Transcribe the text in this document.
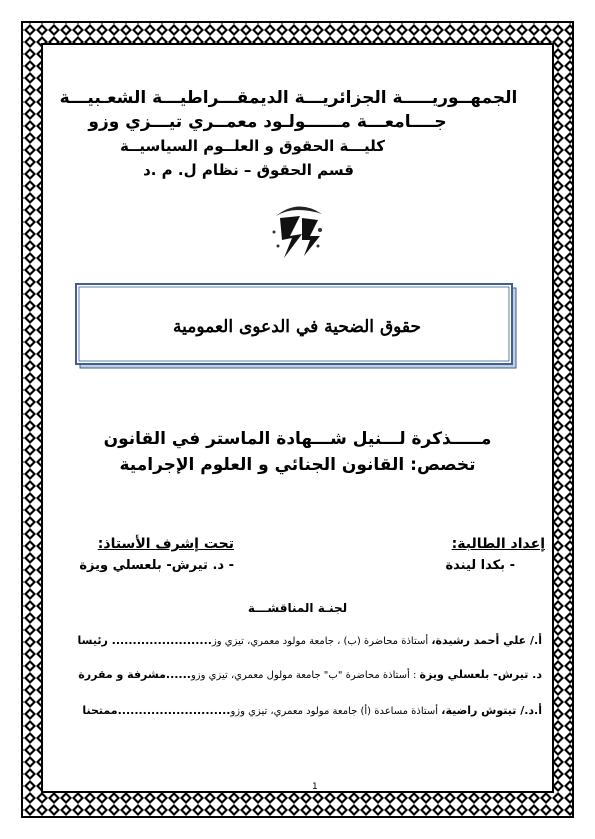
الجمهــوريـــــة الجزائريـــة الديمقـــراطيـــة الشعـبيـــة
جــــامعـــة مــــــولـود معمــري تيـــزي وزو
كليـــة الحقوق و العلــوم السياسيــة
قسم الحقوق – نظام ل. م .د
حقوق الضحية في الدعوى العمومية
مـــــذكرة لـــنيل شـــهادة الماستر في القانون
تخصص: القانون الجنائي و العلوم الإجرامية
إعداد الطالبة:
- بكدا ليندة
تحت إشرف الأستاذ:
- د. تيرش- بلعسلي ويزة
لجنـة المناقشـــة
أ./ علي أحمد رشيدة، أستاذة محاضرة (ب) ، جامعة مولود معمري، تيزي وز........................ رئيسا
د. تيرش- بلعسلي ويزة : أستاذة محاضرة "ب" جامعة مولول معمري، تيزي وزو......مشرفة و مقررة
أ.د./ تيتوش راضية، أستاذة مساعدة (أ) جامعة مولود معمري، تيزي وزو...........................ممتحنا
1
